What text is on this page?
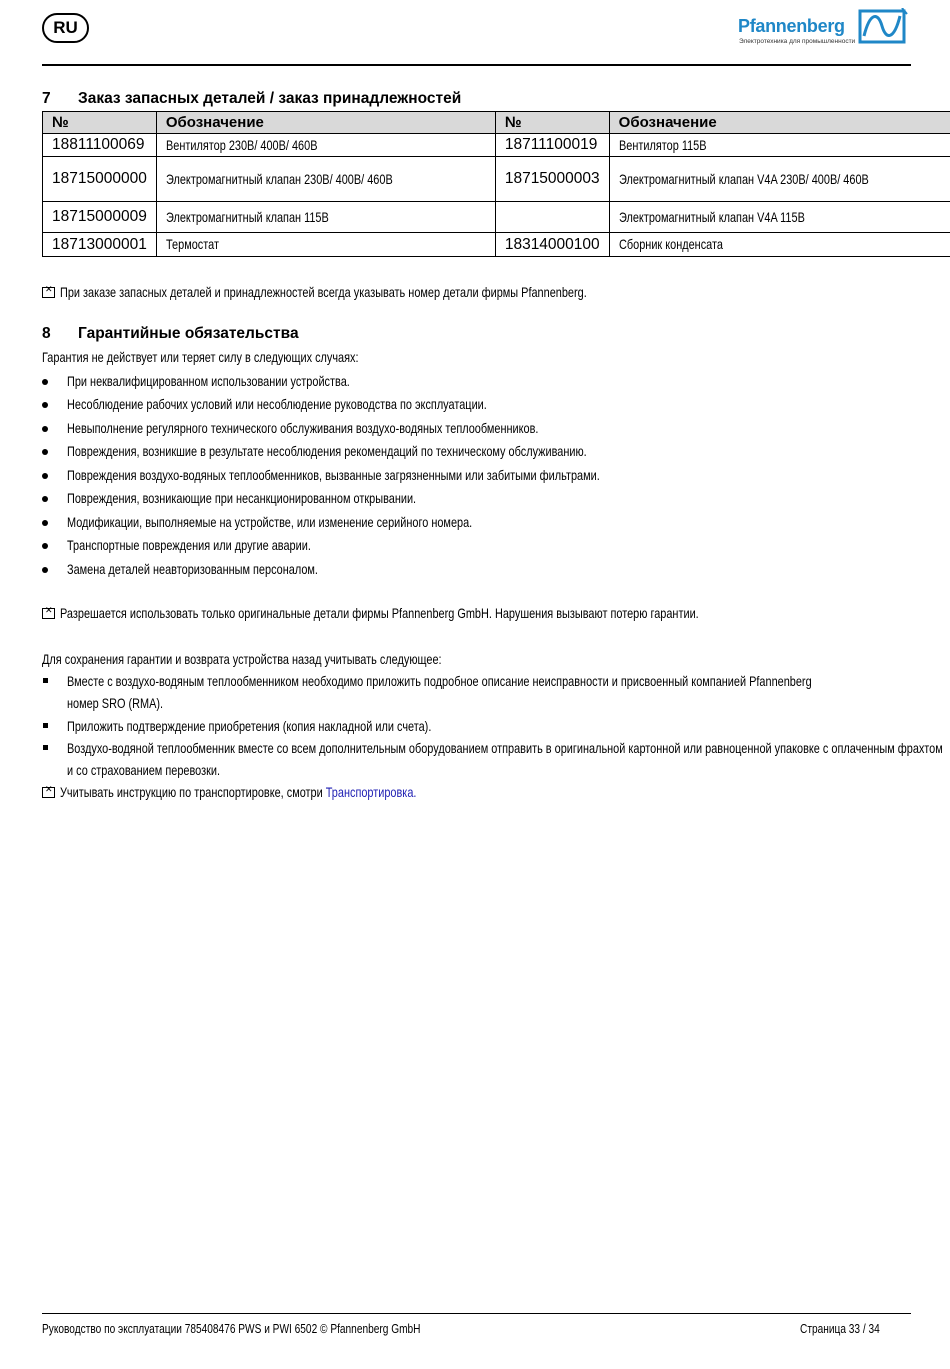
RU	Pfannenberg
Электротехника для промышленности
7 Заказ запасных деталей / заказ принадлежностей
№	Обозначение	№	Обозначение
18811100069	Вентилятор 230В/ 400В/ 460В	18711100019	Вентилятор 115В
18715000000	Электромагнитный клапан 230В/ 400В/ 460В	18715000003	Электромагнитный клапан V4A 230В/ 400В/ 460В
18715000009	Электромагнитный клапан 115В		Электромагнитный клапан V4A 115В
18713000001	Термостат	18314000100	Сборник конденсата
✕При заказе запасных деталей и принадлежностей всегда указывать номер детали фирмы Pfannenberg.
8 Гарантийные обязательства
Гарантия не действует или теряет силу в следующих случаях:
При неквалифицированном использовании устройства.
Несоблюдение рабочих условий или несоблюдение руководства по эксплуатации.
Невыполнение регулярного технического обслуживания воздухо-водяных теплообменников.
Повреждения, возникшие в результате несоблюдения рекомендаций по техническому обслуживанию.
Повреждения воздухо-водяных теплообменников, вызванные загрязненными или забитыми фильтрами.
Повреждения, возникающие при несанкционированном открывании.
Модификации, выполняемые на устройстве, или изменение серийного номера.
Транспортные повреждения или другие аварии.
Замена деталей неавторизованным персоналом.
✕Разрешается использовать только оригинальные детали фирмы Pfannenberg GmbH. Нарушения вызывают потерю гарантии.
Для сохранения гарантии и возврата устройства назад учитывать следующее:
Вместе с воздухо-водяным теплообменником необходимо приложить подробное описание неисправности и присвоенный компанией Pfannenberg
номер SRO (RMA).
Приложить подтверждение приобретения (копия накладной или счета).
Воздухо-водяной теплообменник вместе со всем дополнительным оборудованием отправить в оригинальной картонной или равноценной упаковке с оплаченным фрахтом
и со страхованием перевозки.
✕Учитывать инструкцию по транспортировке, смотри Транспортировка.
Руководство по эксплуатации 785408476 PWS и PWI 6502 © Pfannenberg GmbH	Страница 33 / 34
